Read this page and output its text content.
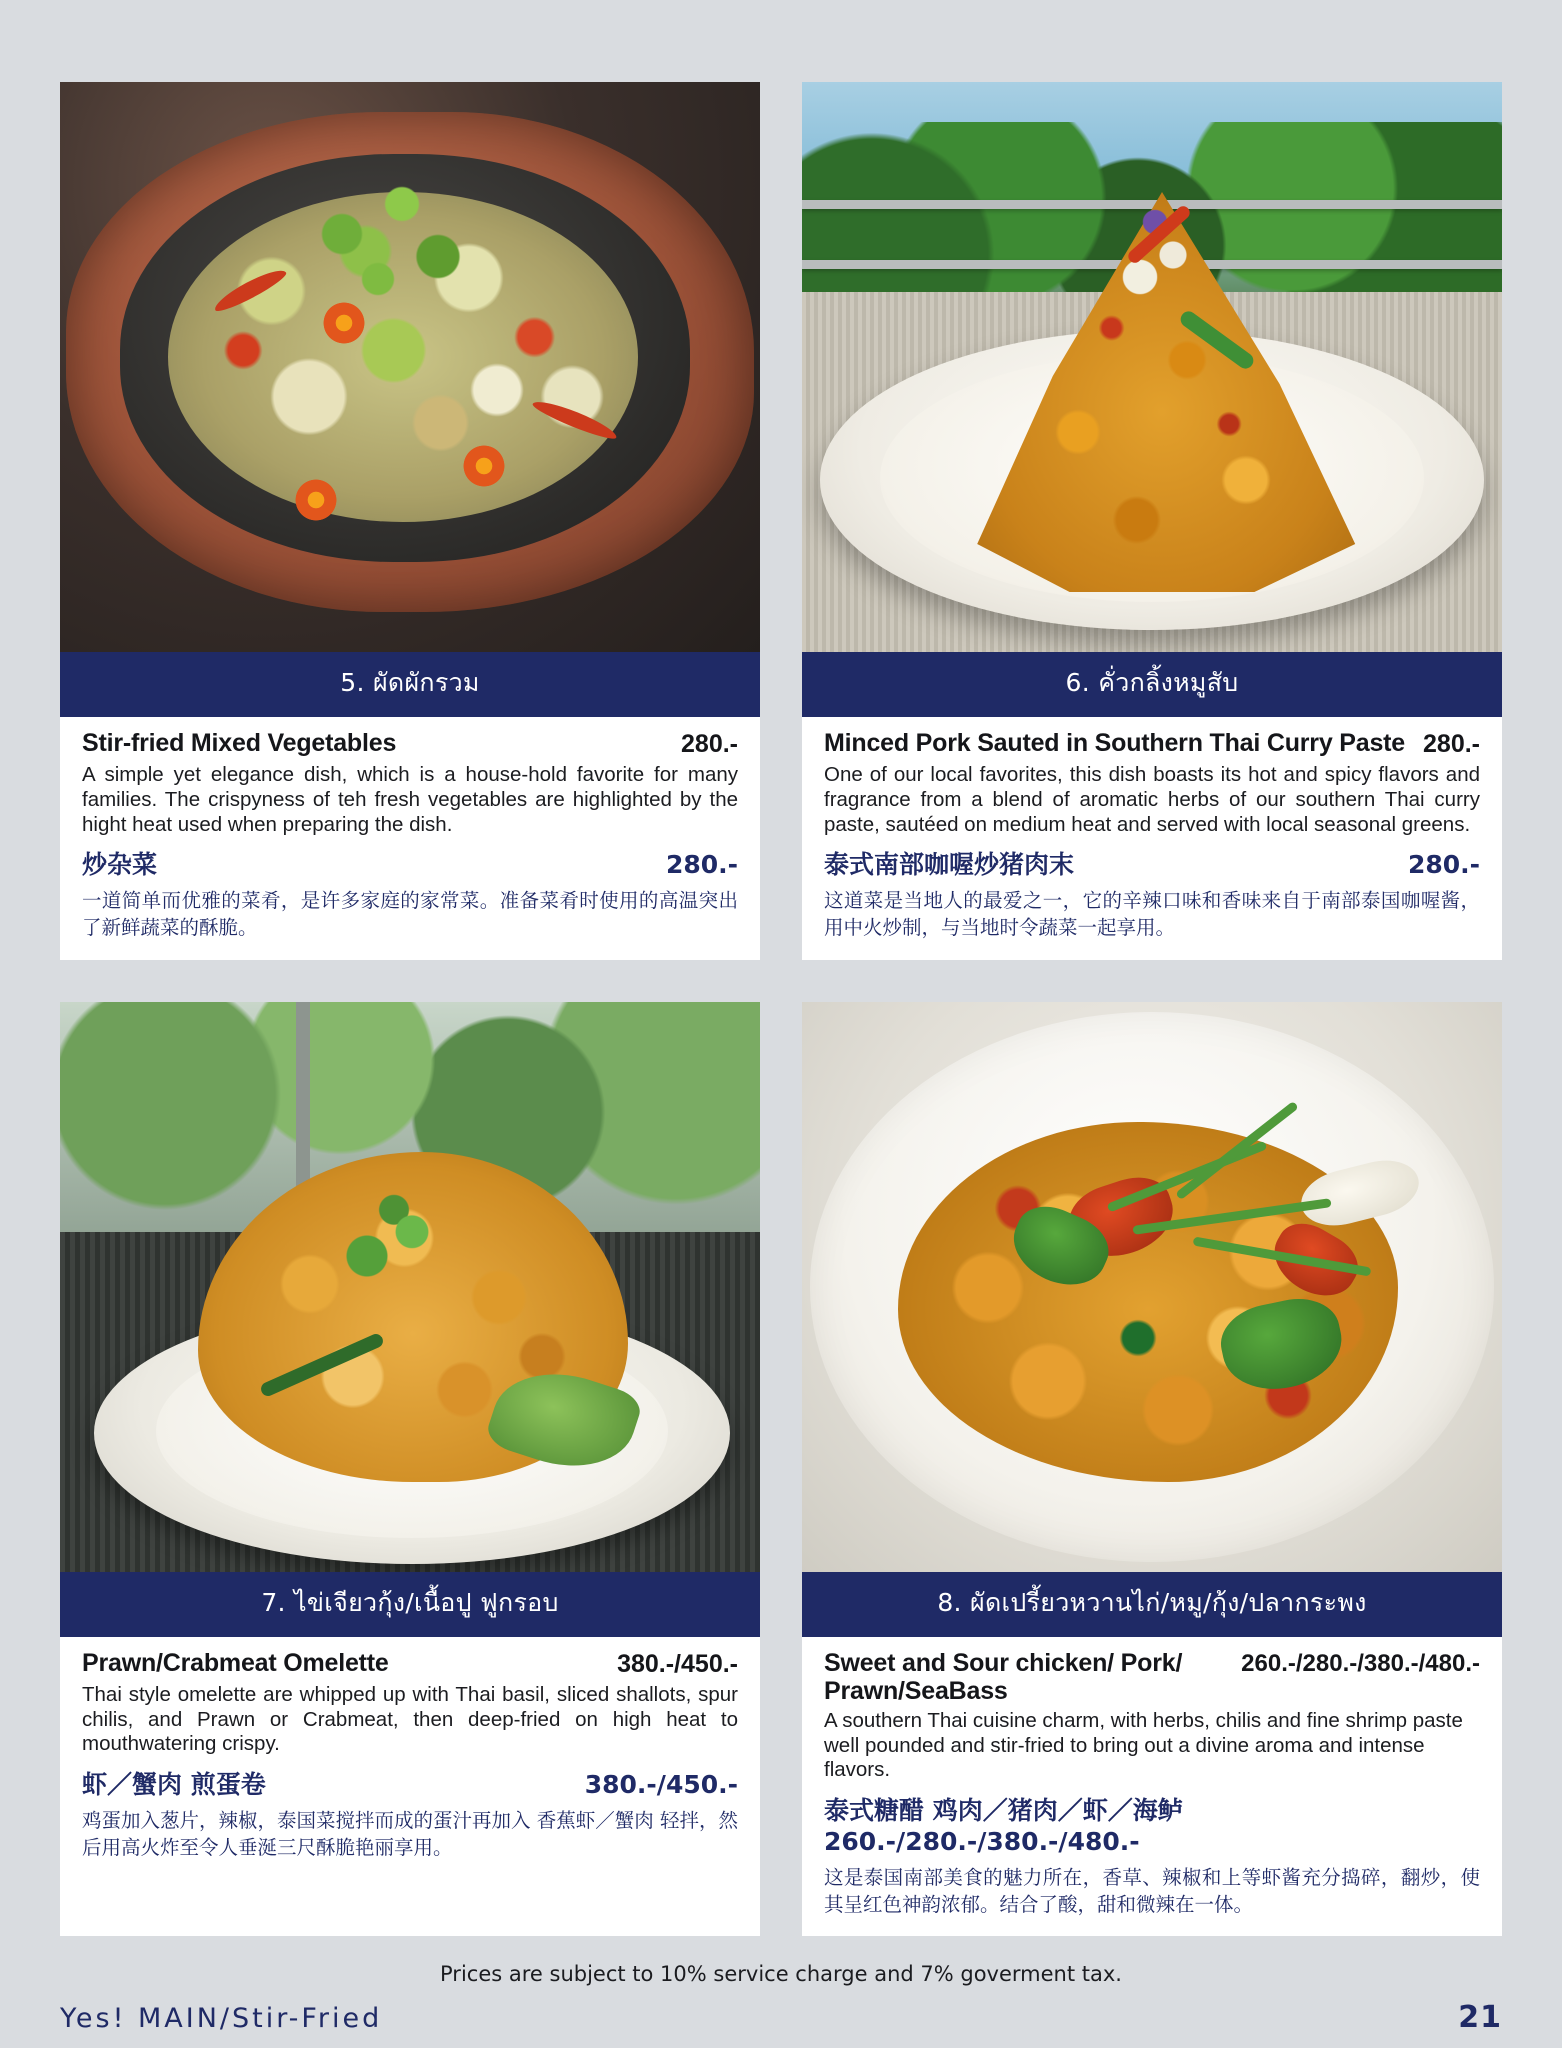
5. ผัดผักรวม
Stir-fried Mixed Vegetables	280.-
A simple yet elegance dish, which is a house-hold favorite for many families. The crispyness of teh fresh vegetables are highlighted by the hight heat used when preparing the dish.
炒杂菜	280.-
一道简单而优雅的菜肴，是许多家庭的家常菜。准备菜肴时使用的高温突出了新鲜蔬菜的酥脆。
6. คั่วกลิ้งหมูสับ
Minced Pork Sauted in Southern Thai Curry Paste 280.-
One of our local favorites, this dish boasts its hot and spicy flavors and fragrance from a blend of aromatic herbs of our southern Thai curry paste, sautéed on medium heat and served with local seasonal greens.
泰式南部咖喔炒猪肉末	280.-
这道菜是当地人的最爱之一，它的辛辣口味和香味来自于南部泰国咖喔酱，用中火炒制，与当地时令蔬菜一起享用。
7. ไข่เจียวกุ้ง/เนื้อปู ฟูกรอบ
Prawn/Crabmeat Omelette	380.-/450.-
Thai style omelette are whipped up with Thai basil, sliced shallots, spur chilis, and Prawn or Crabmeat, then deep-fried on high heat to mouthwatering crispy.
虾／蟹肉 煎蛋卷	380.-/450.-
鸡蛋加入葱片，辣椒，泰国菜搅拌而成的蛋汁再加入 香蕉虾／蟹肉 轻拌，然后用高火炸至令人垂涎三尺酥脆艳丽享用。
8. ผัดเปรี้ยวหวานไก่/หมู/กุ้ง/ปลากระพง
Sweet and Sour chicken/ Pork/ Prawn/SeaBass
260.-/280.-/380.-/480.-
A southern Thai cuisine charm, with herbs, chilis and fine shrimp paste well pounded and stir-fried to bring out a divine aroma and intense flavors.
泰式糖醋 鸡肉／猪肉／虾／海鲈
260.-/280.-/380.-/480.-
这是泰国南部美食的魅力所在，香草、辣椒和上等虾酱充分捣碎，翻炒，使其呈红色神韵浓郁。结合了酸，甜和微辣在一体。
Prices are subject to 10% service charge and 7% goverment tax.
Yes! MAIN/Stir-Fried	21
